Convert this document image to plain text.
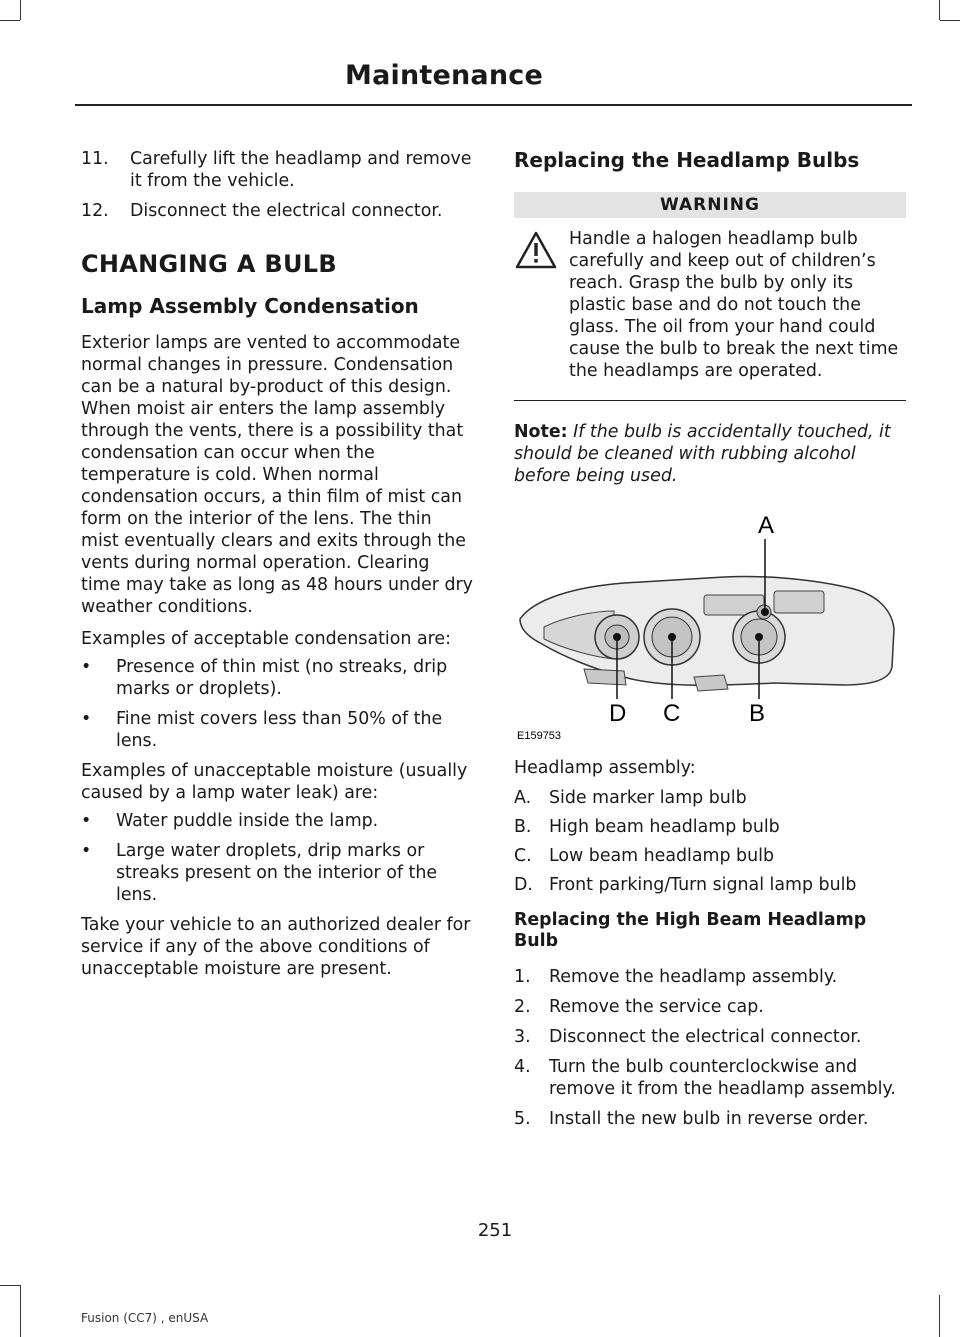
Maintenance
11. Carefully lift the headlamp and remove it from the vehicle.
12. Disconnect the electrical connector.
CHANGING A BULB
Lamp Assembly Condensation

Exterior lamps are vented to accommodate normal changes in pressure. Condensation can be a natural by-product of this design. When moist air enters the lamp assembly through the vents, there is a possibility that condensation can occur when the temperature is cold. When normal condensation occurs, a thin film of mist can form on the interior of the lens. The thin mist eventually clears and exits through the vents during normal operation. Clearing time may take as long as 48 hours under dry weather conditions.

Examples of acceptable condensation are:

• Presence of thin mist (no streaks, drip marks or droplets).
• Fine mist covers less than 50% of the lens.

Examples of unacceptable moisture (usually caused by a lamp water leak) are:

• Water puddle inside the lamp.
• Large water droplets, drip marks or streaks present on the interior of the lens.

Take your vehicle to an authorized dealer for service if any of the above conditions of unacceptable moisture are present.

Replacing the Headlamp Bulbs
WARNING

Handle a halogen headlamp bulb carefully and keep out of children’s reach. Grasp the bulb by only its plastic base and do not touch the glass. The oil from your hand could cause the bulb to break the next time the headlamps are operated.

Note: If the bulb is accidentally touched, it should be cleaned with rubbing alcohol before being used.

A
B
C
D
E159753

Headlamp assembly:

A. Side marker lamp bulb
B. High beam headlamp bulb
C. Low beam headlamp bulb
D. Front parking/Turn signal lamp bulb
Replacing the High Beam Headlamp Bulb
1. Remove the headlamp assembly.
2. Remove the service cap.
3. Disconnect the electrical connector.
4. Turn the bulb counterclockwise and remove it from the headlamp assembly.
5. Install the new bulb in reverse order.
251
Fusion (CC7) , enUSA
